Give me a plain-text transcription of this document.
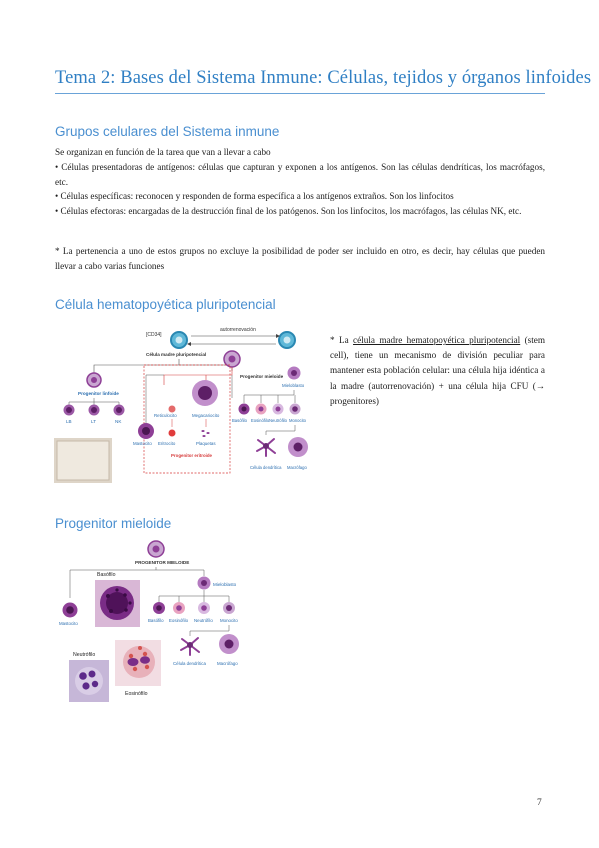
Tema 2: Bases del Sistema Inmune: Células, tejidos y órganos linfoides
Grupos celulares del Sistema inmune

Se organizan en función de la tarea que van a llevar a cabo

• Células presentadoras de antígenos: células que capturan y exponen a los antígenos. Son las células dendríticas, los macrófagos, etc.

• Células específicas: reconocen y responden de forma específica a los antígenos extraños. Son los linfocitos

• Células efectoras: encargadas de la destrucción final de los patógenos. Son los linfocitos, los macrófagos, las células NK, etc.

* La pertenencia a uno de estos grupos no excluye la posibilidad de poder ser incluido en otro, es decir, hay células que pueden llevar a cabo varias funciones
Célula hematopoyética pluripotencial
[CD34]
autorrenovación
Célula madre pluripotencial
Progenitor linfoide
LB	LT	NK
Progenitor mieloide
Reticulocito	Megacariocito
Eritrocito	Plaquetas
Progenitor eritroide
Mastocito
Mieloblasto
Basófilo Eosinófilo Neutrófilo Monocito
Célula dendrítica Macrófago
* La célula madre hematopoyética pluripotencial (stem cell), tiene un mecanismo de división peculiar para mantener esta población celular: una célula hija idéntica a la madre (autorrenovación) + una célula hija CFU (→ progenitores)
Progenitor mieloide
PROGENITOR MIELOIDE
Basófilo
Mieloblasto
Mastocito
Basófilo Eosinófilo Neutrófilo Monocito
Célula dendrítica	Macrófago
Neutrófilo
Eosinófilo
7
